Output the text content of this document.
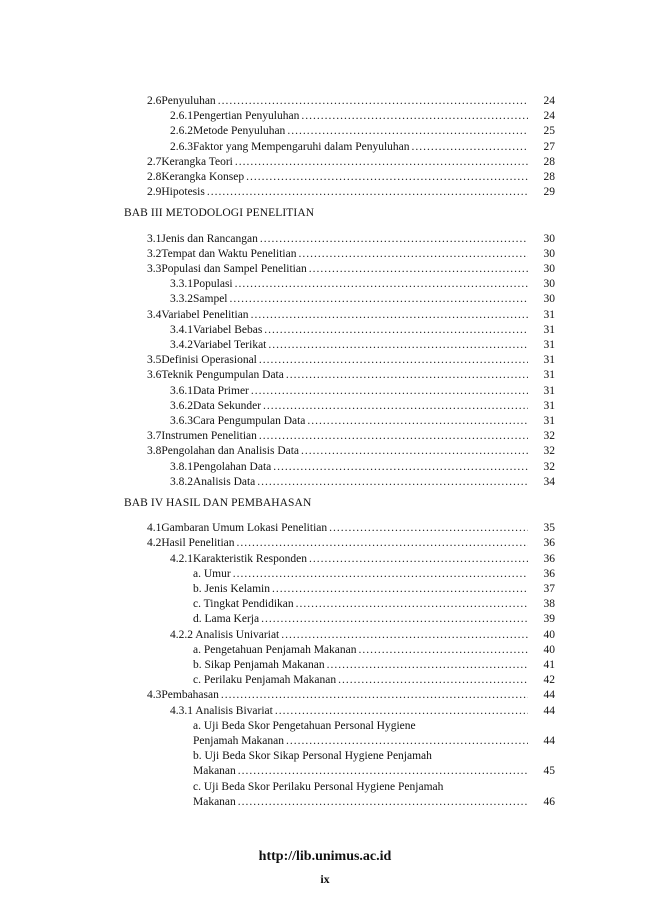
2.6 Penyuluhan .....	24
2.6.1 Pengertian Penyuluhan .....	24
2.6.2 Metode Penyuluhan .....	25
2.6.3 Faktor yang Mempengaruhi dalam Penyuluhan .....	27
2.7 Kerangka Teori .....	28
2.8 Kerangka Konsep .....	28
2.9 Hipotesis .....	29
BAB III METODOLOGI PENELITIAN
3.1 Jenis dan Rancangan .....	30
3.2 Tempat dan Waktu Penelitian .....	30
3.3 Populasi dan Sampel Penelitian .....	30
3.3.1 Populasi .....	30
3.3.2 Sampel .....	30
3.4 Variabel Penelitian .....	31
3.4.1 Variabel Bebas .....	31
3.4.2 Variabel Terikat .....	31
3.5 Definisi Operasional .....	31
3.6 Teknik Pengumpulan Data .....	31
3.6.1 Data Primer .....	31
3.6.2 Data Sekunder .....	31
3.6.3 Cara Pengumpulan Data .....	31
3.7 Instrumen Penelitian .....	32
3.8 Pengolahan dan Analisis Data .....	32
3.8.1 Pengolahan Data .....	32
3.8.2 Analisis Data .....	34
BAB IV HASIL DAN PEMBAHASAN
4.1 Gambaran Umum Lokasi Penelitian .....	35
4.2 Hasil Penelitian .....	36
4.2.1 Karakteristik Responden .....	36
a. Umur .....	36
b. Jenis Kelamin .....	37
c. Tingkat Pendidikan .....	38
d. Lama Kerja .....	39
4.2.2 Analisis Univariat .....	40
a. Pengetahuan Penjamah Makanan .....	40
b. Sikap Penjamah Makanan .....	41
c. Perilaku Penjamah Makanan .....	42
4.3 Pembahasan .....	44
4.3.1 Analisis Bivariat .....	44
a. Uji Beda Skor Pengetahuan Personal Hygiene
Penjamah Makanan .....	44
b. Uji Beda Skor Sikap Personal Hygiene Penjamah
Makanan .....	45
c. Uji Beda Skor Perilaku Personal Hygiene Penjamah
Makanan .....	46
http://lib.unimus.ac.id
ix
